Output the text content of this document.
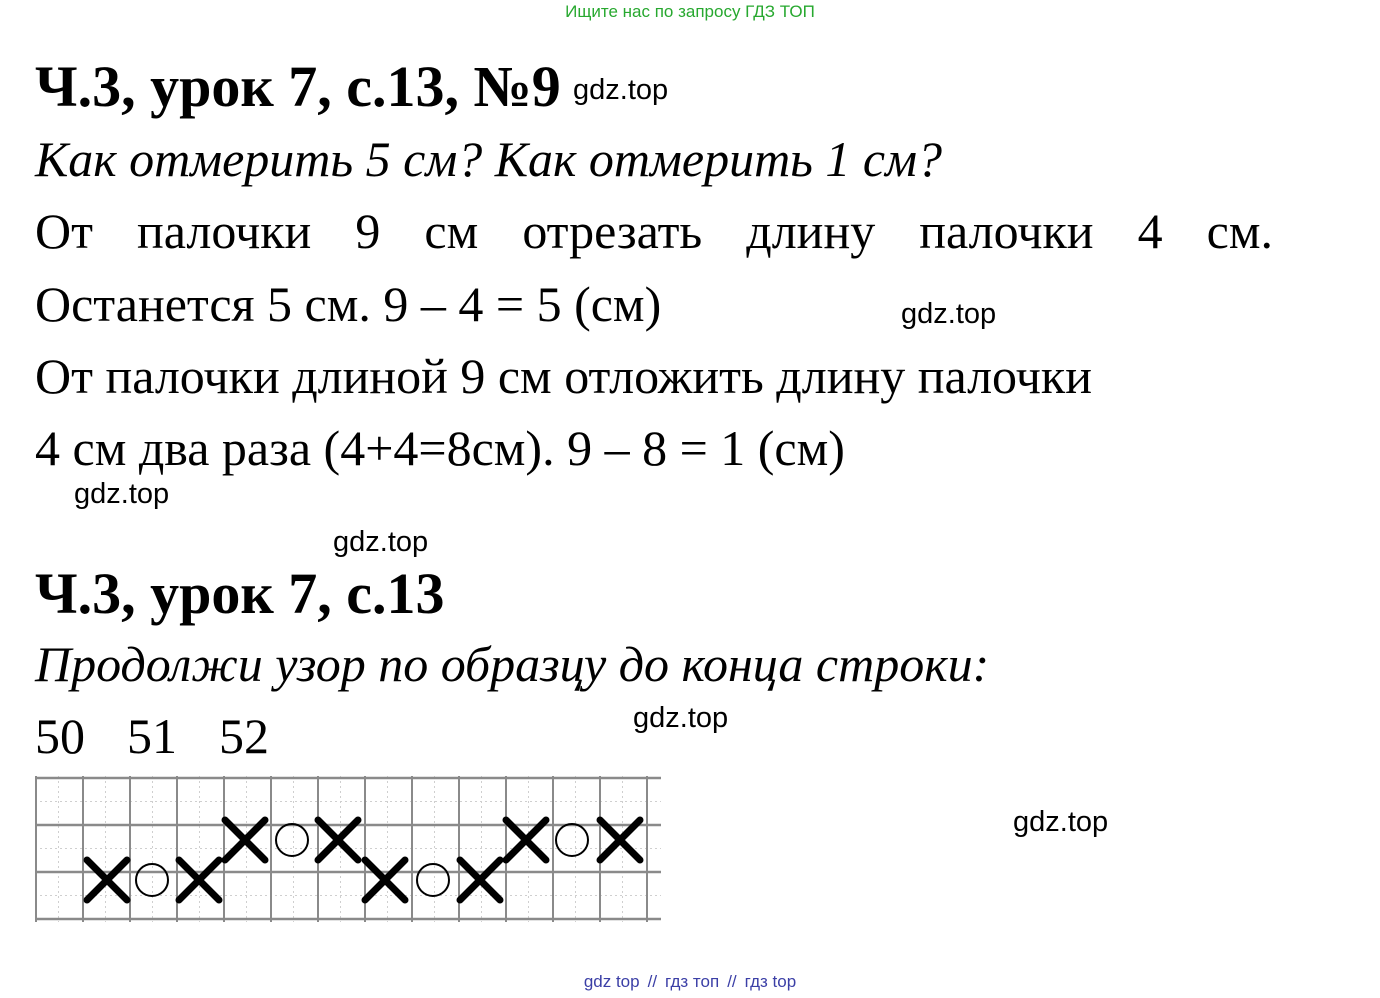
Ищите нас по запросу ГДЗ ТОП
Ч.3, урок 7, с.13, №9 gdz.top
Как отмерить 5 см? Как отмерить 1 см?
От палочки 9 см отрезать длину палочки 4 см.
Останется 5 см. 9 – 4 = 5 (см)	gdz.top
От палочки длиной 9 см отложить длину палочки
4 см два раза (4+4=8см). 9 – 8 = 1 (см)
gdz.top
gdz.top
Ч.3, урок 7, с.13
Продолжи узор по образцу до конца строки:
gdz.top
50 51 52
gdz.top
gdz top // гдз топ // гдз top
